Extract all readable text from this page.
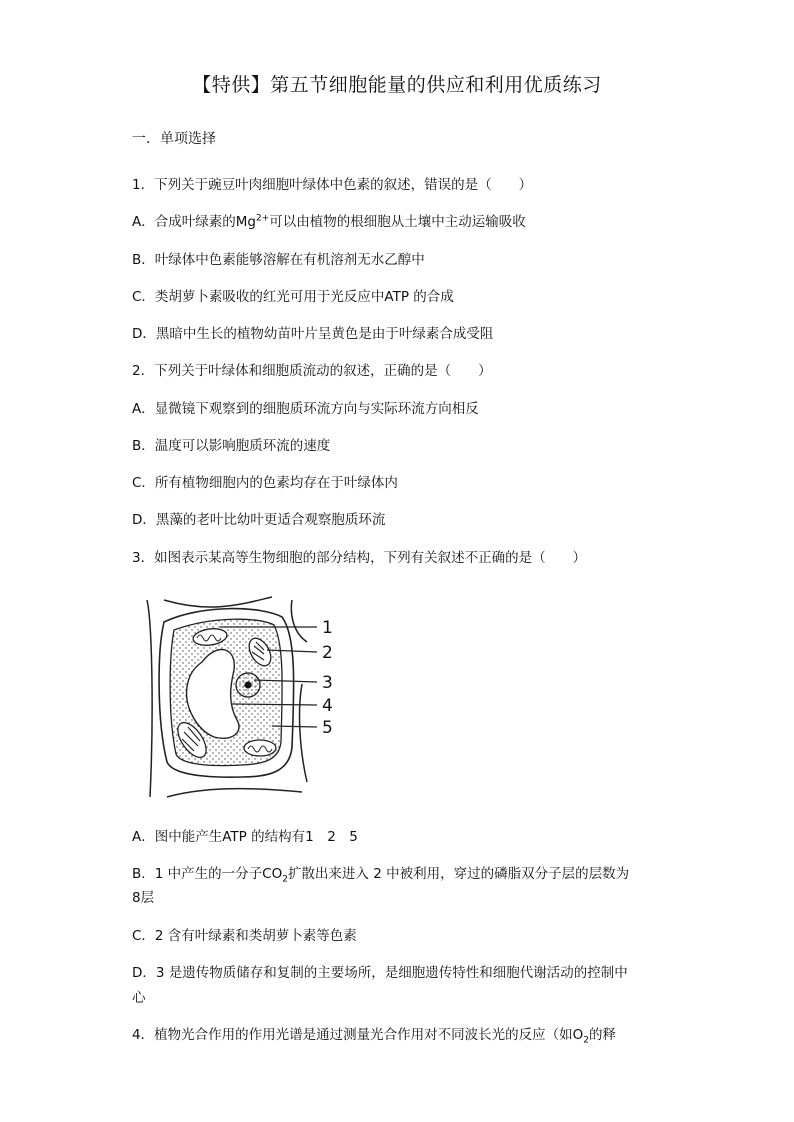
【特供】第五节细胞能量的供应和利用优质练习
一．单项选择
1．下列关于豌豆叶肉细胞叶绿体中色素的叙述，错误的是（　　）
A．合成叶绿素的$Mg^{2+}$可以由植物的根细胞从土壤中主动运输吸收
B．叶绿体中色素能够溶解在有机溶剂无水乙醇中
C．类胡萝卜素吸收的红光可用于光反应中ATP 的合成
D．黑暗中生长的植物幼苗叶片呈黄色是由于叶绿素合成受阻
2．下列关于叶绿体和细胞质流动的叙述，正确的是（　　）
A．显微镜下观察到的细胞质环流方向与实际环流方向相反
B．温度可以影响胞质环流的速度
C．所有植物细胞内的色素均存在于叶绿体内
D．黑藻的老叶比幼叶更适合观察胞质环流
3．如图表示某高等生物细胞的部分结构，下列有关叙述不正确的是（　　）
1
2
3
4
5
A．图中能产生ATP 的结构有1　2　5
B．1 中产生的一分子$CO_2$扩散出来进入 2 中被利用，穿过的磷脂双分子层的层数为
8层
C．2 含有叶绿素和类胡萝卜素等色素
D．3 是遗传物质储存和复制的主要场所，是细胞遗传特性和细胞代谢活动的控制中
心
4．植物光合作用的作用光谱是通过测量光合作用对不同波长光的反应（如$O_2$的释
